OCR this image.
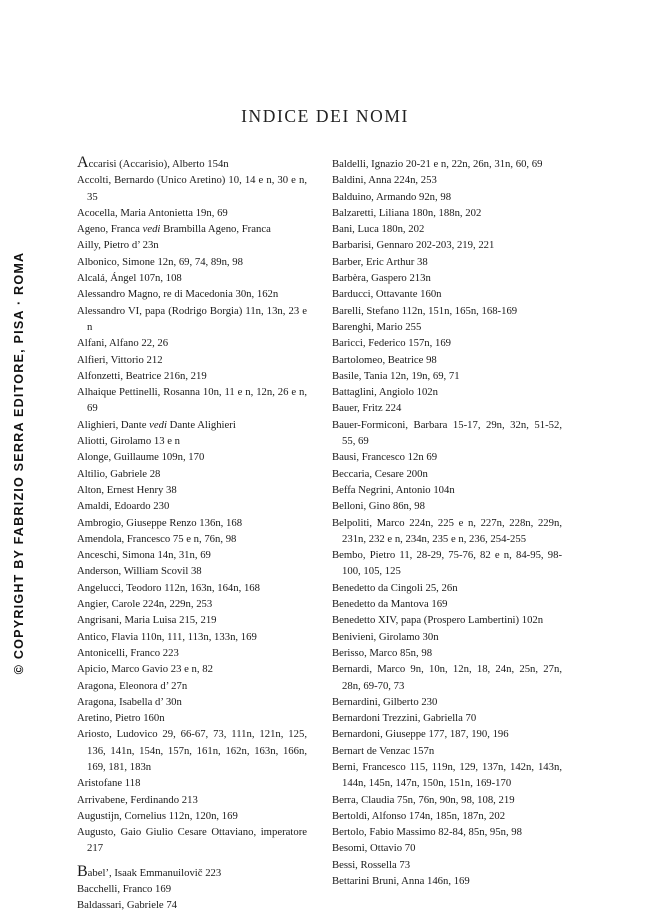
© COPYRIGHT BY FABRIZIO SERRA EDITORE, PISA · ROMA
INDICE DEI NOMI
Accarisi (Accarisio), Alberto 154n
Accolti, Bernardo (Unico Aretino) 10, 14 e n, 30 e n, 35
Acocella, Maria Antonietta 19n, 69
Ageno, Franca vedi Brambilla Ageno, Franca
Ailly, Pietro d’ 23n
Albonico, Simone 12n, 69, 74, 89n, 98
Alcalá, Ángel 107n, 108
Alessandro Magno, re di Macedonia 30n, 162n
Alessandro VI, papa (Rodrigo Borgia) 11n, 13n, 23 e n
Alfani, Alfano 22, 26
Alfieri, Vittorio 212
Alfonzetti, Beatrice 216n, 219
Alhaique Pettinelli, Rosanna 10n, 11 e n, 12n, 26 e n, 69
Alighieri, Dante vedi Dante Alighieri
Aliotti, Girolamo 13 e n
Alonge, Guillaume 109n, 170
Altilio, Gabriele 28
Alton, Ernest Henry 38
Amaldi, Edoardo 230
Ambrogio, Giuseppe Renzo 136n, 168
Amendola, Francesco 75 e n, 76n, 98
Anceschi, Simona 14n, 31n, 69
Anderson, William Scovil 38
Angelucci, Teodoro 112n, 163n, 164n, 168
Angier, Carole 224n, 229n, 253
Angrisani, Maria Luisa 215, 219
Antico, Flavia 110n, 111, 113n, 133n, 169
Antonicelli, Franco 223
Apicio, Marco Gavio 23 e n, 82
Aragona, Eleonora d’ 27n
Aragona, Isabella d’ 30n
Aretino, Pietro 160n
Ariosto, Ludovico 29, 66-67, 73, 111n, 121n, 125, 136, 141n, 154n, 157n, 161n, 162n, 163n, 166n, 169, 181, 183n
Aristofane 118
Arrivabene, Ferdinando 213
Augustijn, Cornelius 112n, 120n, 169
Augusto, Gaio Giulio Cesare Ottaviano, imperatore 217
Babel’, Isaak Emmanuilovič 223
Bacchelli, Franco 169
Baldassari, Gabriele 74
Baldelli, Ignazio 20-21 e n, 22n, 26n, 31n, 60, 69
Baldini, Anna 224n, 253
Balduino, Armando 92n, 98
Balzaretti, Liliana 180n, 188n, 202
Bani, Luca 180n, 202
Barbarisi, Gennaro 202-203, 219, 221
Barber, Eric Arthur 38
Barbèra, Gaspero 213n
Barducci, Ottavante 160n
Barelli, Stefano 112n, 151n, 165n, 168-169
Barenghi, Mario 255
Baricci, Federico 157n, 169
Bartolomeo, Beatrice 98
Basile, Tania 12n, 19n, 69, 71
Battaglini, Angiolo 102n
Bauer, Fritz 224
Bauer-Formiconi, Barbara 15-17, 29n, 32n, 51-52, 55, 69
Bausi, Francesco 12n 69
Beccaria, Cesare 200n
Beffa Negrini, Antonio 104n
Belloni, Gino 86n, 98
Belpoliti, Marco 224n, 225 e n, 227n, 228n, 229n, 231n, 232 e n, 234n, 235 e n, 236, 254-255
Bembo, Pietro 11, 28-29, 75-76, 82 e n, 84-95, 98-100, 105, 125
Benedetto da Cingoli 25, 26n
Benedetto da Mantova 169
Benedetto XIV, papa (Prospero Lambertini) 102n
Benivieni, Girolamo 30n
Berisso, Marco 85n, 98
Bernardi, Marco 9n, 10n, 12n, 18, 24n, 25n, 27n, 28n, 69-70, 73
Bernardini, Gilberto 230
Bernardoni Trezzini, Gabriella 70
Bernardoni, Giuseppe 177, 187, 190, 196
Bernart de Venzac 157n
Berni, Francesco 115, 119n, 129, 137n, 142n, 143n, 144n, 145n, 147n, 150n, 151n, 169-170
Berra, Claudia 75n, 76n, 90n, 98, 108, 219
Bertoldi, Alfonso 174n, 185n, 187n, 202
Bertolo, Fabio Massimo 82-84, 85n, 95n, 98
Besomi, Ottavio 70
Bessi, Rossella 73
Bettarini Bruni, Anna 146n, 169
